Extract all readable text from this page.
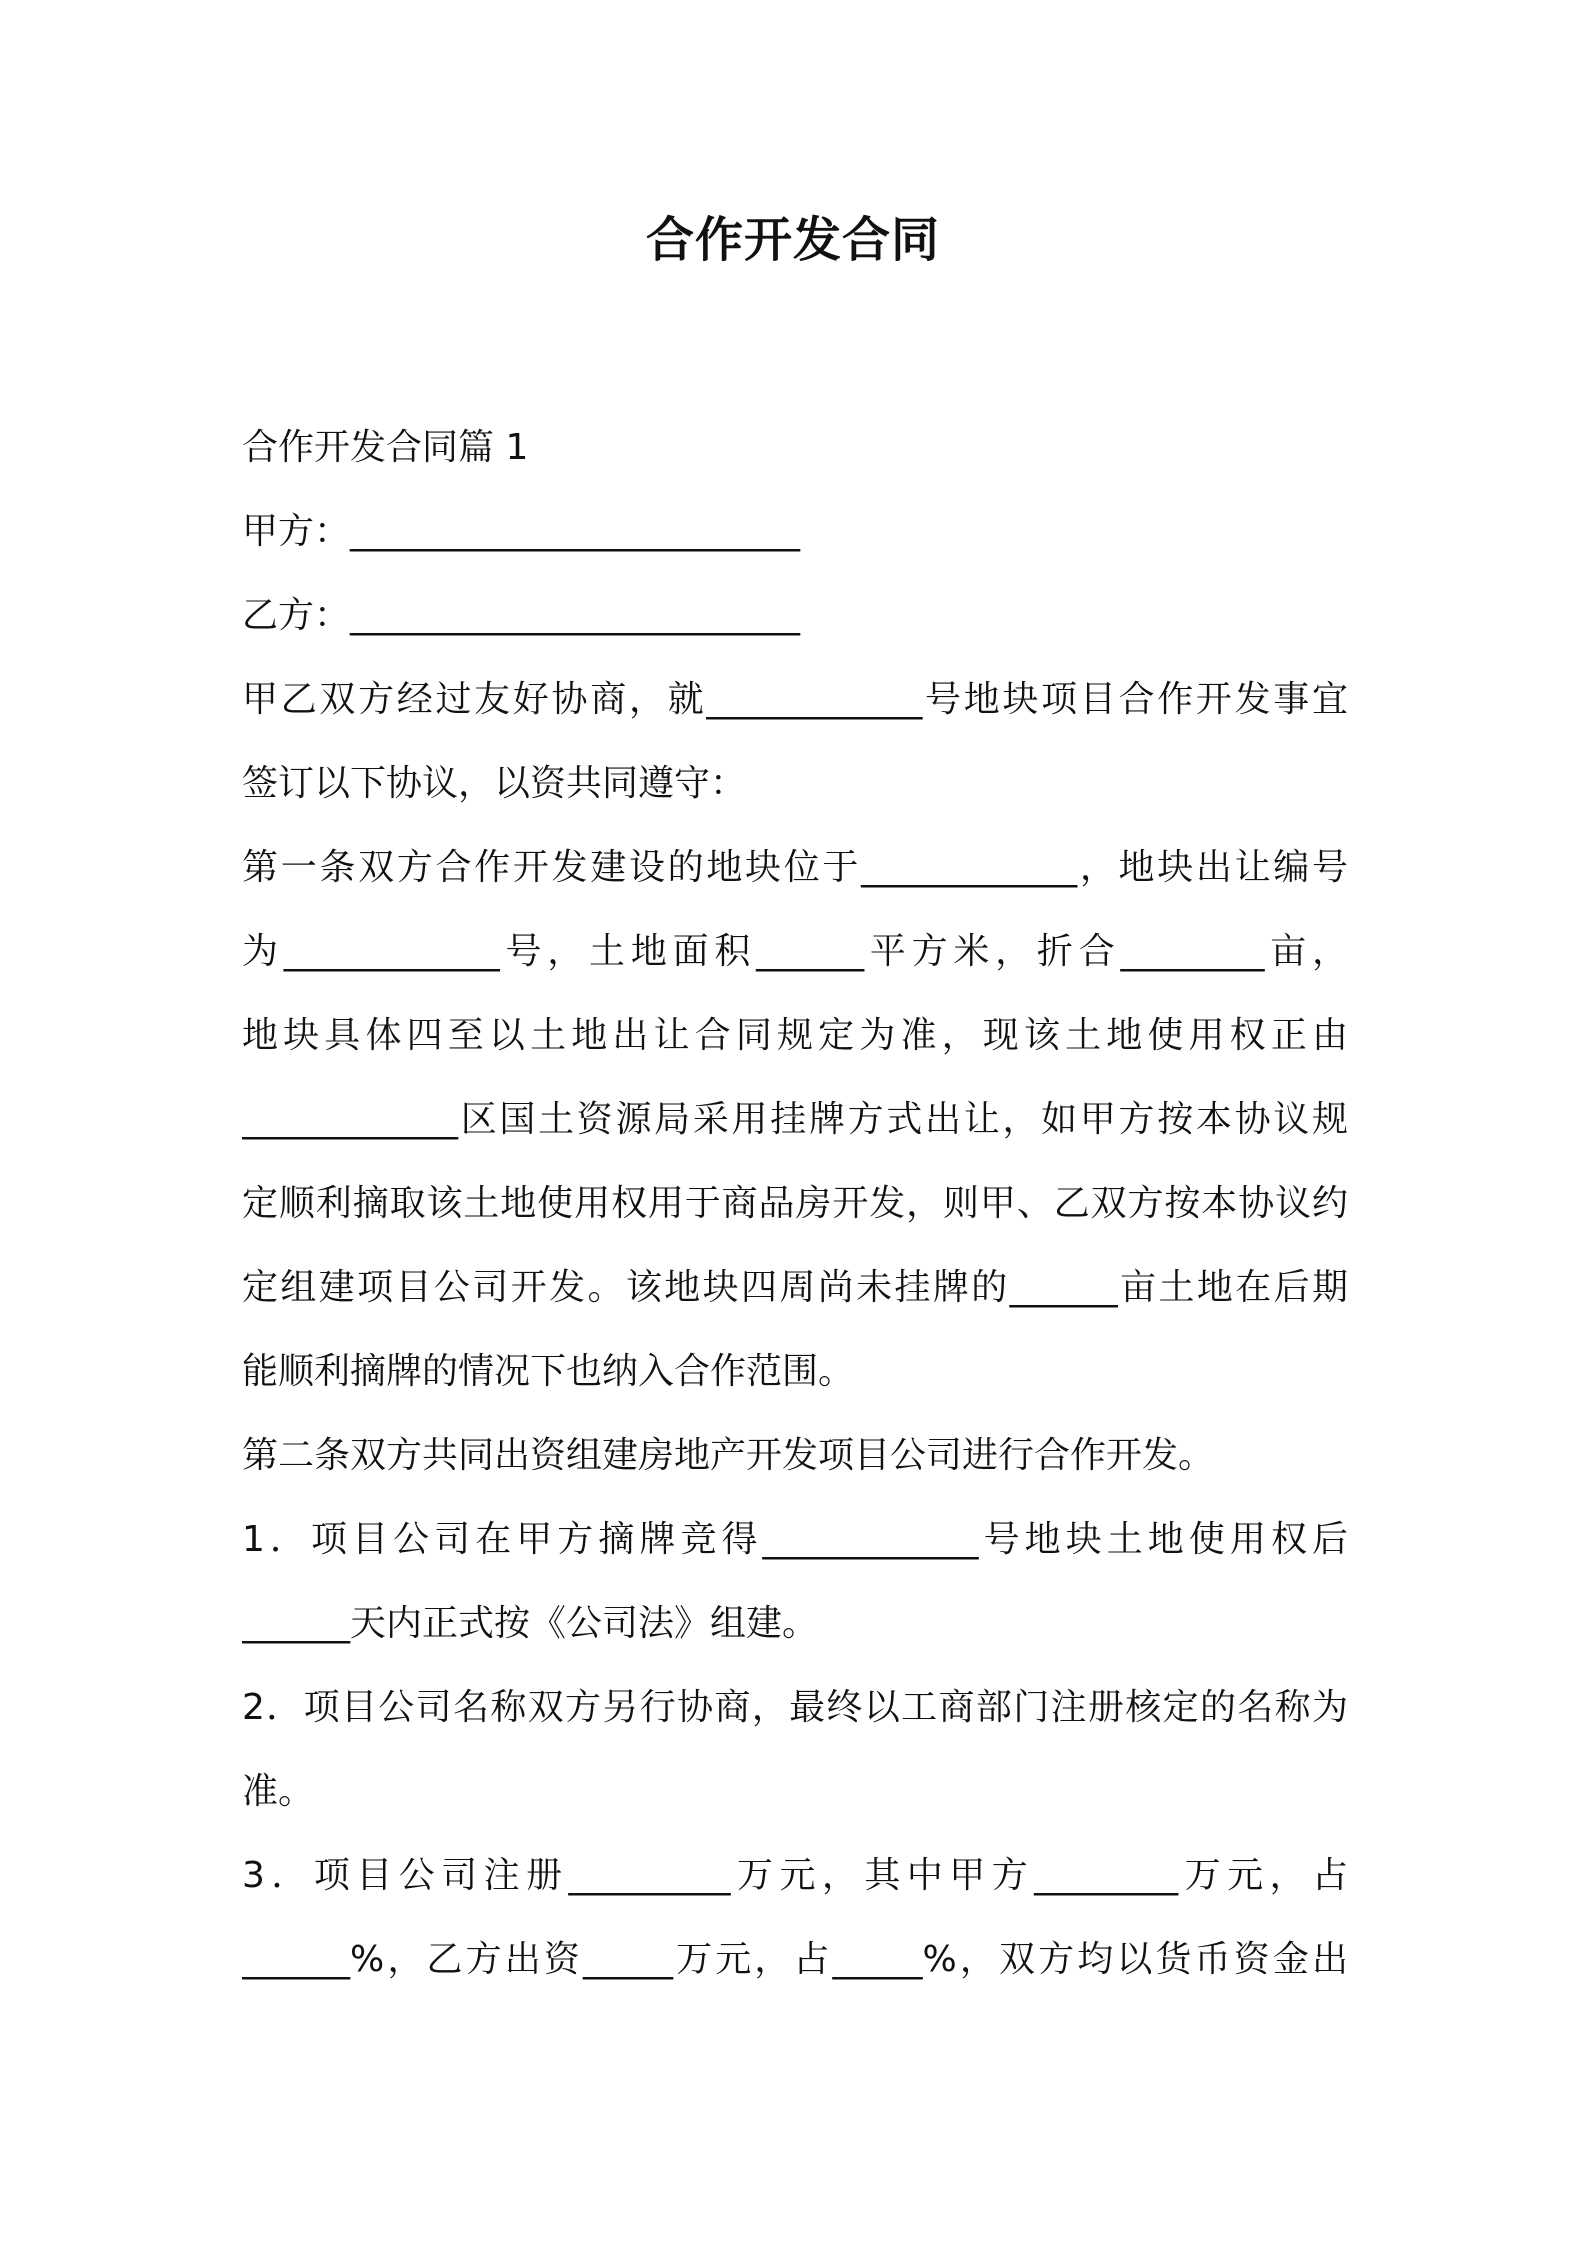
合作开发合同
合作开发合同篇 1
甲方：_________________________
乙方：_________________________
甲乙双方经过友好协商，就____________号地块项目合作开发事宜
签订以下协议，以资共同遵守：
第一条双方合作开发建设的地块位于____________，地块出让编号
为____________号，土地面积______平方米，折合________亩，
地块具体四至以土地出让合同规定为准，现该土地使用权正由
____________区国土资源局采用挂牌方式出让，如甲方按本协议规
定顺利摘取该土地使用权用于商品房开发，则甲、乙双方按本协议约
定组建项目公司开发。该地块四周尚未挂牌的______亩土地在后期
能顺利摘牌的情况下也纳入合作范围。
第二条双方共同出资组建房地产开发项目公司进行合作开发。
1．项目公司在甲方摘牌竞得____________号地块土地使用权后
______天内正式按《公司法》组建。
2．项目公司名称双方另行协商，最终以工商部门注册核定的名称为
准。
3．项目公司注册_________万元，其中甲方________万元，占
______%，乙方出资_____万元，占_____%，双方均以货币资金出
